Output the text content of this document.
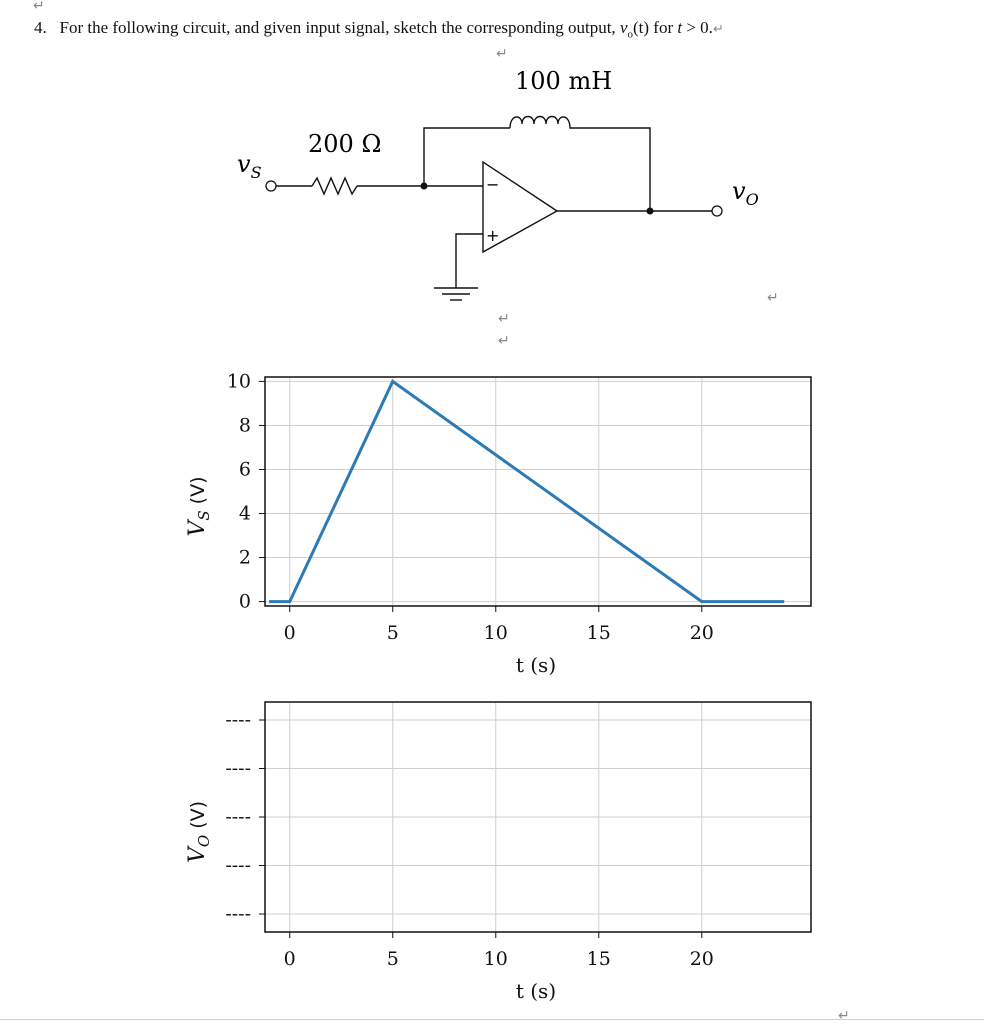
↵
4. For the following circuit, and given input signal, sketch the corresponding output, $v_o(t)$ for t > 0.↵
↵
−
+
100 mH
200 Ω
$v_S$
$v_O$
↵
↵
↵
0	5	10	15	20
0
2
4
6
8
10
t (s)
$V_S$ (V)
0	5	10	15	20
----
----
----
----
----
t (s)
$V_O$ (V)
↵
